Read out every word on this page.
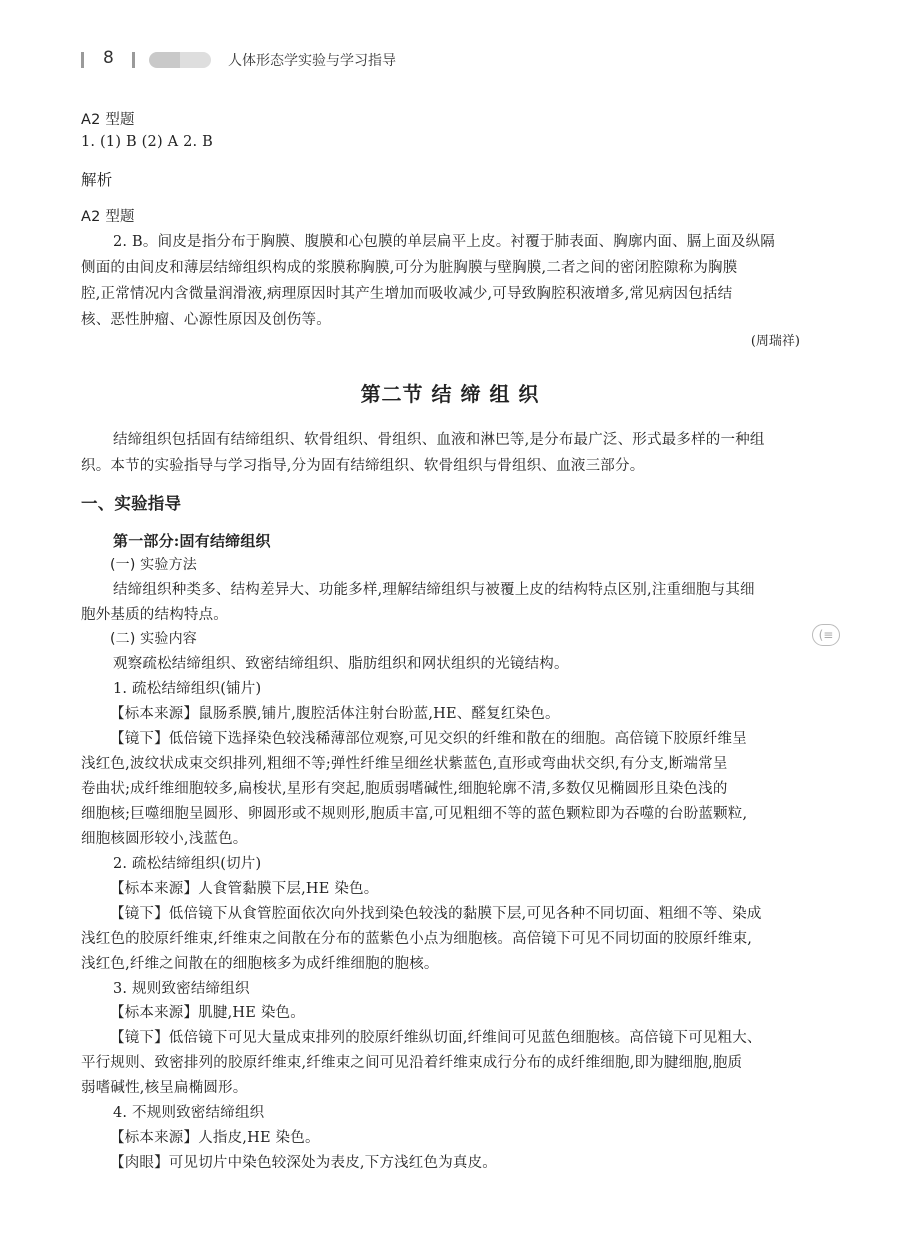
8	人体形态学实验与学习指导
(≡
A2 型题
1. (1) B (2) A 2. B
解析
A2 型题
2. B。间皮是指分布于胸膜、腹膜和心包膜的单层扁平上皮。衬覆于肺表面、胸廓内面、膈上面及纵隔
侧面的由间皮和薄层结缔组织构成的浆膜称胸膜,可分为脏胸膜与壁胸膜,二者之间的密闭腔隙称为胸膜
腔,正常情况内含微量润滑液,病理原因时其产生增加而吸收减少,可导致胸腔积液增多,常见病因包括结
核、恶性肿瘤、心源性原因及创伤等。
(周瑞祥)
第二节 结 缔 组 织
结缔组织包括固有结缔组织、软骨组织、骨组织、血液和淋巴等,是分布最广泛、形式最多样的一种组
织。本节的实验指导与学习指导,分为固有结缔组织、软骨组织与骨组织、血液三部分。
一、实验指导
第一部分:固有结缔组织
(一) 实验方法
结缔组织种类多、结构差异大、功能多样,理解结缔组织与被覆上皮的结构特点区别,注重细胞与其细
胞外基质的结构特点。
(二) 实验内容
观察疏松结缔组织、致密结缔组织、脂肪组织和网状组织的光镜结构。
1. 疏松结缔组织(铺片)
【标本来源】鼠肠系膜,铺片,腹腔活体注射台盼蓝,HE、醛复红染色。
【镜下】低倍镜下选择染色较浅稀薄部位观察,可见交织的纤维和散在的细胞。高倍镜下胶原纤维呈
浅红色,波纹状成束交织排列,粗细不等;弹性纤维呈细丝状紫蓝色,直形或弯曲状交织,有分支,断端常呈
卷曲状;成纤维细胞较多,扁梭状,星形有突起,胞质弱嗜碱性,细胞轮廓不清,多数仅见椭圆形且染色浅的
细胞核;巨噬细胞呈圆形、卵圆形或不规则形,胞质丰富,可见粗细不等的蓝色颗粒即为吞噬的台盼蓝颗粒,
细胞核圆形较小,浅蓝色。
2. 疏松结缔组织(切片)
【标本来源】人食管黏膜下层,HE 染色。
【镜下】低倍镜下从食管腔面依次向外找到染色较浅的黏膜下层,可见各种不同切面、粗细不等、染成
浅红色的胶原纤维束,纤维束之间散在分布的蓝紫色小点为细胞核。高倍镜下可见不同切面的胶原纤维束,
浅红色,纤维之间散在的细胞核多为成纤维细胞的胞核。
3. 规则致密结缔组织
【标本来源】肌腱,HE 染色。
【镜下】低倍镜下可见大量成束排列的胶原纤维纵切面,纤维间可见蓝色细胞核。高倍镜下可见粗大、
平行规则、致密排列的胶原纤维束,纤维束之间可见沿着纤维束成行分布的成纤维细胞,即为腱细胞,胞质
弱嗜碱性,核呈扁椭圆形。
4. 不规则致密结缔组织
【标本来源】人指皮,HE 染色。
【肉眼】可见切片中染色较深处为表皮,下方浅红色为真皮。
